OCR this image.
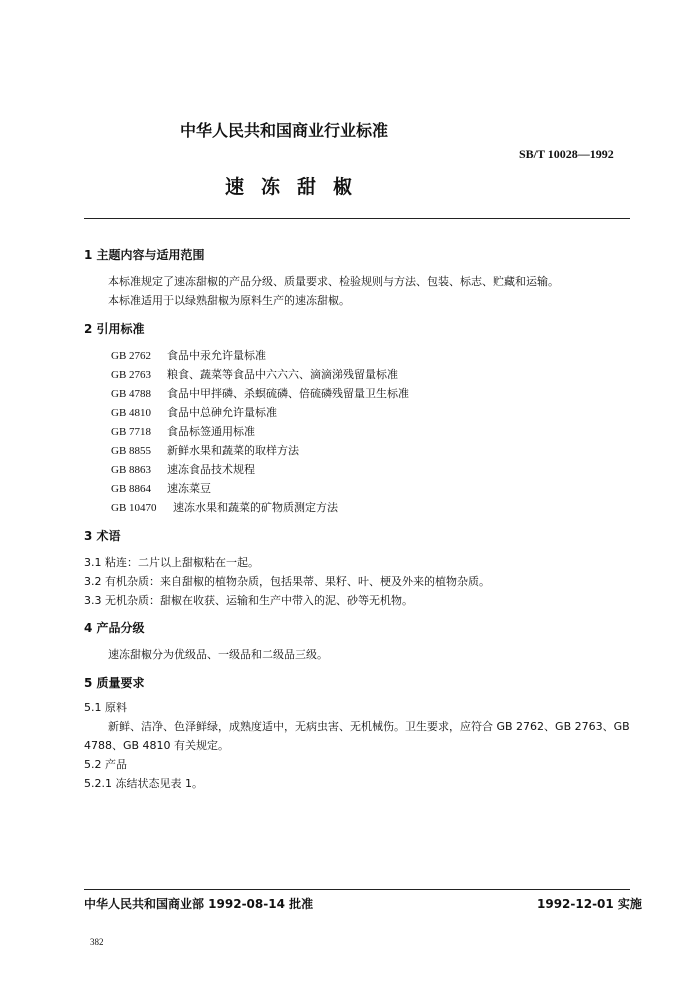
中华人民共和国商业行业标准
SB/T 10028—1992
速冻甜椒
1 主题内容与适用范围
本标准规定了速冻甜椒的产品分级、质量要求、检验规则与方法、包装、标志、贮藏和运输。
本标准适用于以绿熟甜椒为原料生产的速冻甜椒。
2 引用标准
GB 2762 食品中汞允许量标准
GB 2763 粮食、蔬菜等食品中六六六、滴滴涕残留量标准
GB 4788 食品中甲拌磷、杀螟硫磷、倍硫磷残留量卫生标准
GB 4810 食品中总砷允许量标准
GB 7718 食品标签通用标准
GB 8855 新鲜水果和蔬菜的取样方法
GB 8863 速冻食品技术规程
GB 8864 速冻菜豆
GB 10470 速冻水果和蔬菜的矿物质测定方法
3 术语
3.1 粘连：二片以上甜椒粘在一起。
3.2 有机杂质：来自甜椒的植物杂质，包括果蒂、果籽、叶、梗及外来的植物杂质。
3.3 无机杂质：甜椒在收获、运输和生产中带入的泥、砂等无机物。
4 产品分级
速冻甜椒分为优级品、一级品和二级品三级。
5 质量要求
5.1 原料
新鲜、洁净、色泽鲜绿，成熟度适中，无病虫害、无机械伤。卫生要求，应符合 GB 2762、GB 2763、GB
4788、GB 4810 有关规定。
5.2 产品
5.2.1 冻结状态见表 1。
中华人民共和国商业部 1992-08-14 批准	1992-12-01 实施
382
